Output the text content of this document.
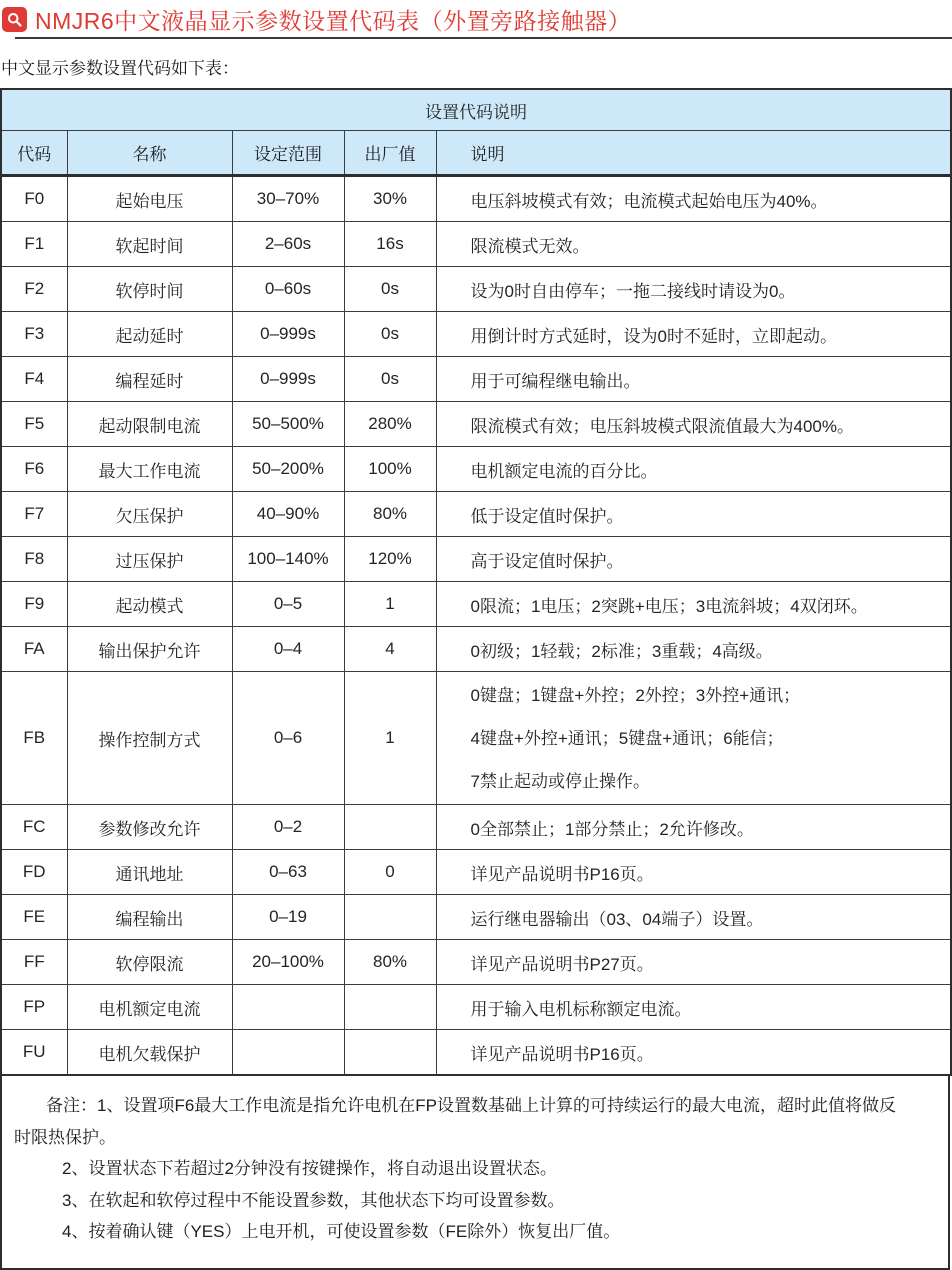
NMJR6中文液晶显示参数设置代码表（外置旁路接触器）
中文显示参数设置代码如下表：
设置代码说明				
代码	名称	设定范围	出厂值	说明
F0	起始电压	30–70%	30%	电压斜坡模式有效；电流模式起始电压为40%。

F1	软起时间	2–60s	16s	限流模式无效。

F2	软停时间	0–60s	0s	设为0时自由停车；一拖二接线时请设为0。

F3	起动延时	0–999s	0s	用倒计时方式延时，设为0时不延时，立即起动。

F4	编程延时	0–999s	0s	用于可编程继电输出。

F5	起动限制电流	50–500%	280%	限流模式有效；电压斜坡模式限流值最大为400%。

F6	最大工作电流	50–200%	100%	电机额定电流的百分比。

F7	欠压保护	40–90%	80%	低于设定值时保护。

F8	过压保护	100–140%	120%	高于设定值时保护。

F9	起动模式	0–5	1	0限流；1电压；2突跳+电压；3电流斜坡；4双闭环。

FA	输出保护允许	0–4	4	0初级；1轻载；2标准；3重载；4高级。

FB	操作控制方式	0–6	1	0键盘；1键盘+外控；2外控；3外控+通讯；
4键盘+外控+通讯；5键盘+通讯；6能信；
7禁止起动或停止操作。

FC	参数修改允许	0–2		0全部禁止；1部分禁止；2允许修改。

FD	通讯地址	0–63	0	详见产品说明书P16页。

FE	编程输出	0–19		运行继电器输出（03、04端子）设置。

FF	软停限流	20–100%	80%	详见产品说明书P27页。

FP	电机额定电流			用于输入电机标称额定电流。

FU	电机欠载保护			详见产品说明书P16页。
备注：1、设置项F6最大工作电流是指允许电机在FP设置数基础上计算的可持续运行的最大电流，超时此值将做反
时限热保护。
2、设置状态下若超过2分钟没有按键操作，将自动退出设置状态。
3、在软起和软停过程中不能设置参数，其他状态下均可设置参数。
4、按着确认键（YES）上电开机，可使设置参数（FE除外）恢复出厂值。
